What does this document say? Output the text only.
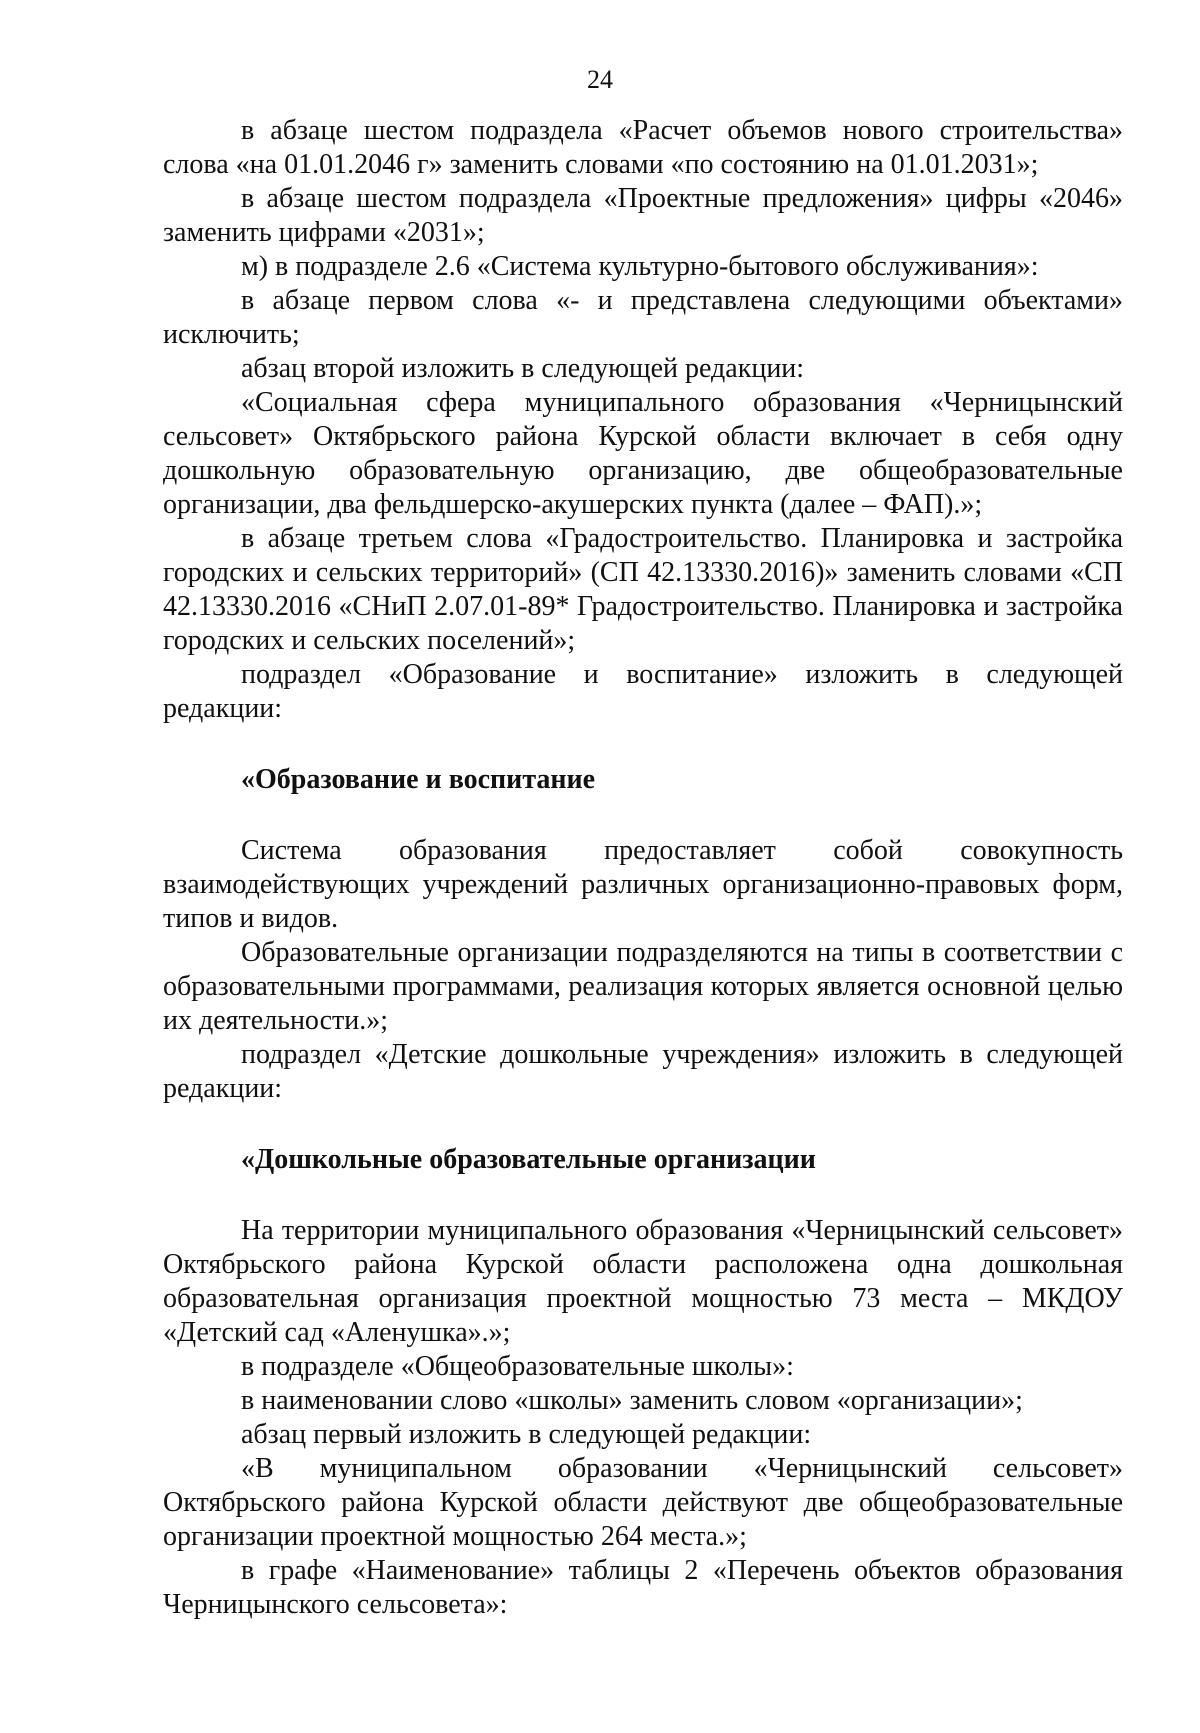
24

в абзаце шестом подраздела «Расчет объемов нового строительства» слова «на 01.01.2046 г» заменить словами «по состоянию на 01.01.2031»;

в абзаце шестом подраздела «Проектные предложения» цифры «2046» заменить цифрами «2031»;

м) в подразделе 2.6 «Система культурно-бытового обслуживания»:

в абзаце первом слова «- и представлена следующими объектами» исключить;

абзац второй изложить в следующей редакции:

«Социальная сфера муниципального образования «Черницынский сельсовет» Октябрьского района Курской области включает в себя одну дошкольную образовательную организацию, две общеобразовательные организации, два фельдшерско-акушерских пункта (далее – ФАП).»;

в абзаце третьем слова «Градостроительство. Планировка и застройка городских и сельских территорий» (СП 42.13330.2016)» заменить словами «СП 42.13330.2016 «СНиП 2.07.01-89* Градостроительство. Планировка и застройка городских и сельских поселений»;

подраздел «Образование и воспитание» изложить в следующей редакции:

«Образование и воспитание

Система образования предоставляет собой совокупность взаимодействующих учреждений различных организационно-правовых форм, типов и видов.

Образовательные организации подразделяются на типы в соответствии с образовательными программами, реализация которых является основной целью их деятельности.»;

подраздел «Детские дошкольные учреждения» изложить в следующей редакции:

«Дошкольные образовательные организации

На территории муниципального образования «Черницынский сельсовет» Октябрьского района Курской области расположена одна дошкольная образовательная организация проектной мощностью 73 места – МКДОУ «Детский сад «Аленушка».»;

в подразделе «Общеобразовательные школы»:

в наименовании слово «школы» заменить словом «организации»;

абзац первый изложить в следующей редакции:

«В муниципальном образовании «Черницынский сельсовет» Октябрьского района Курской области действуют две общеобразовательные организации проектной мощностью 264 места.»;

в графе «Наименование» таблицы 2 «Перечень объектов образования Черницынского сельсовета»:
